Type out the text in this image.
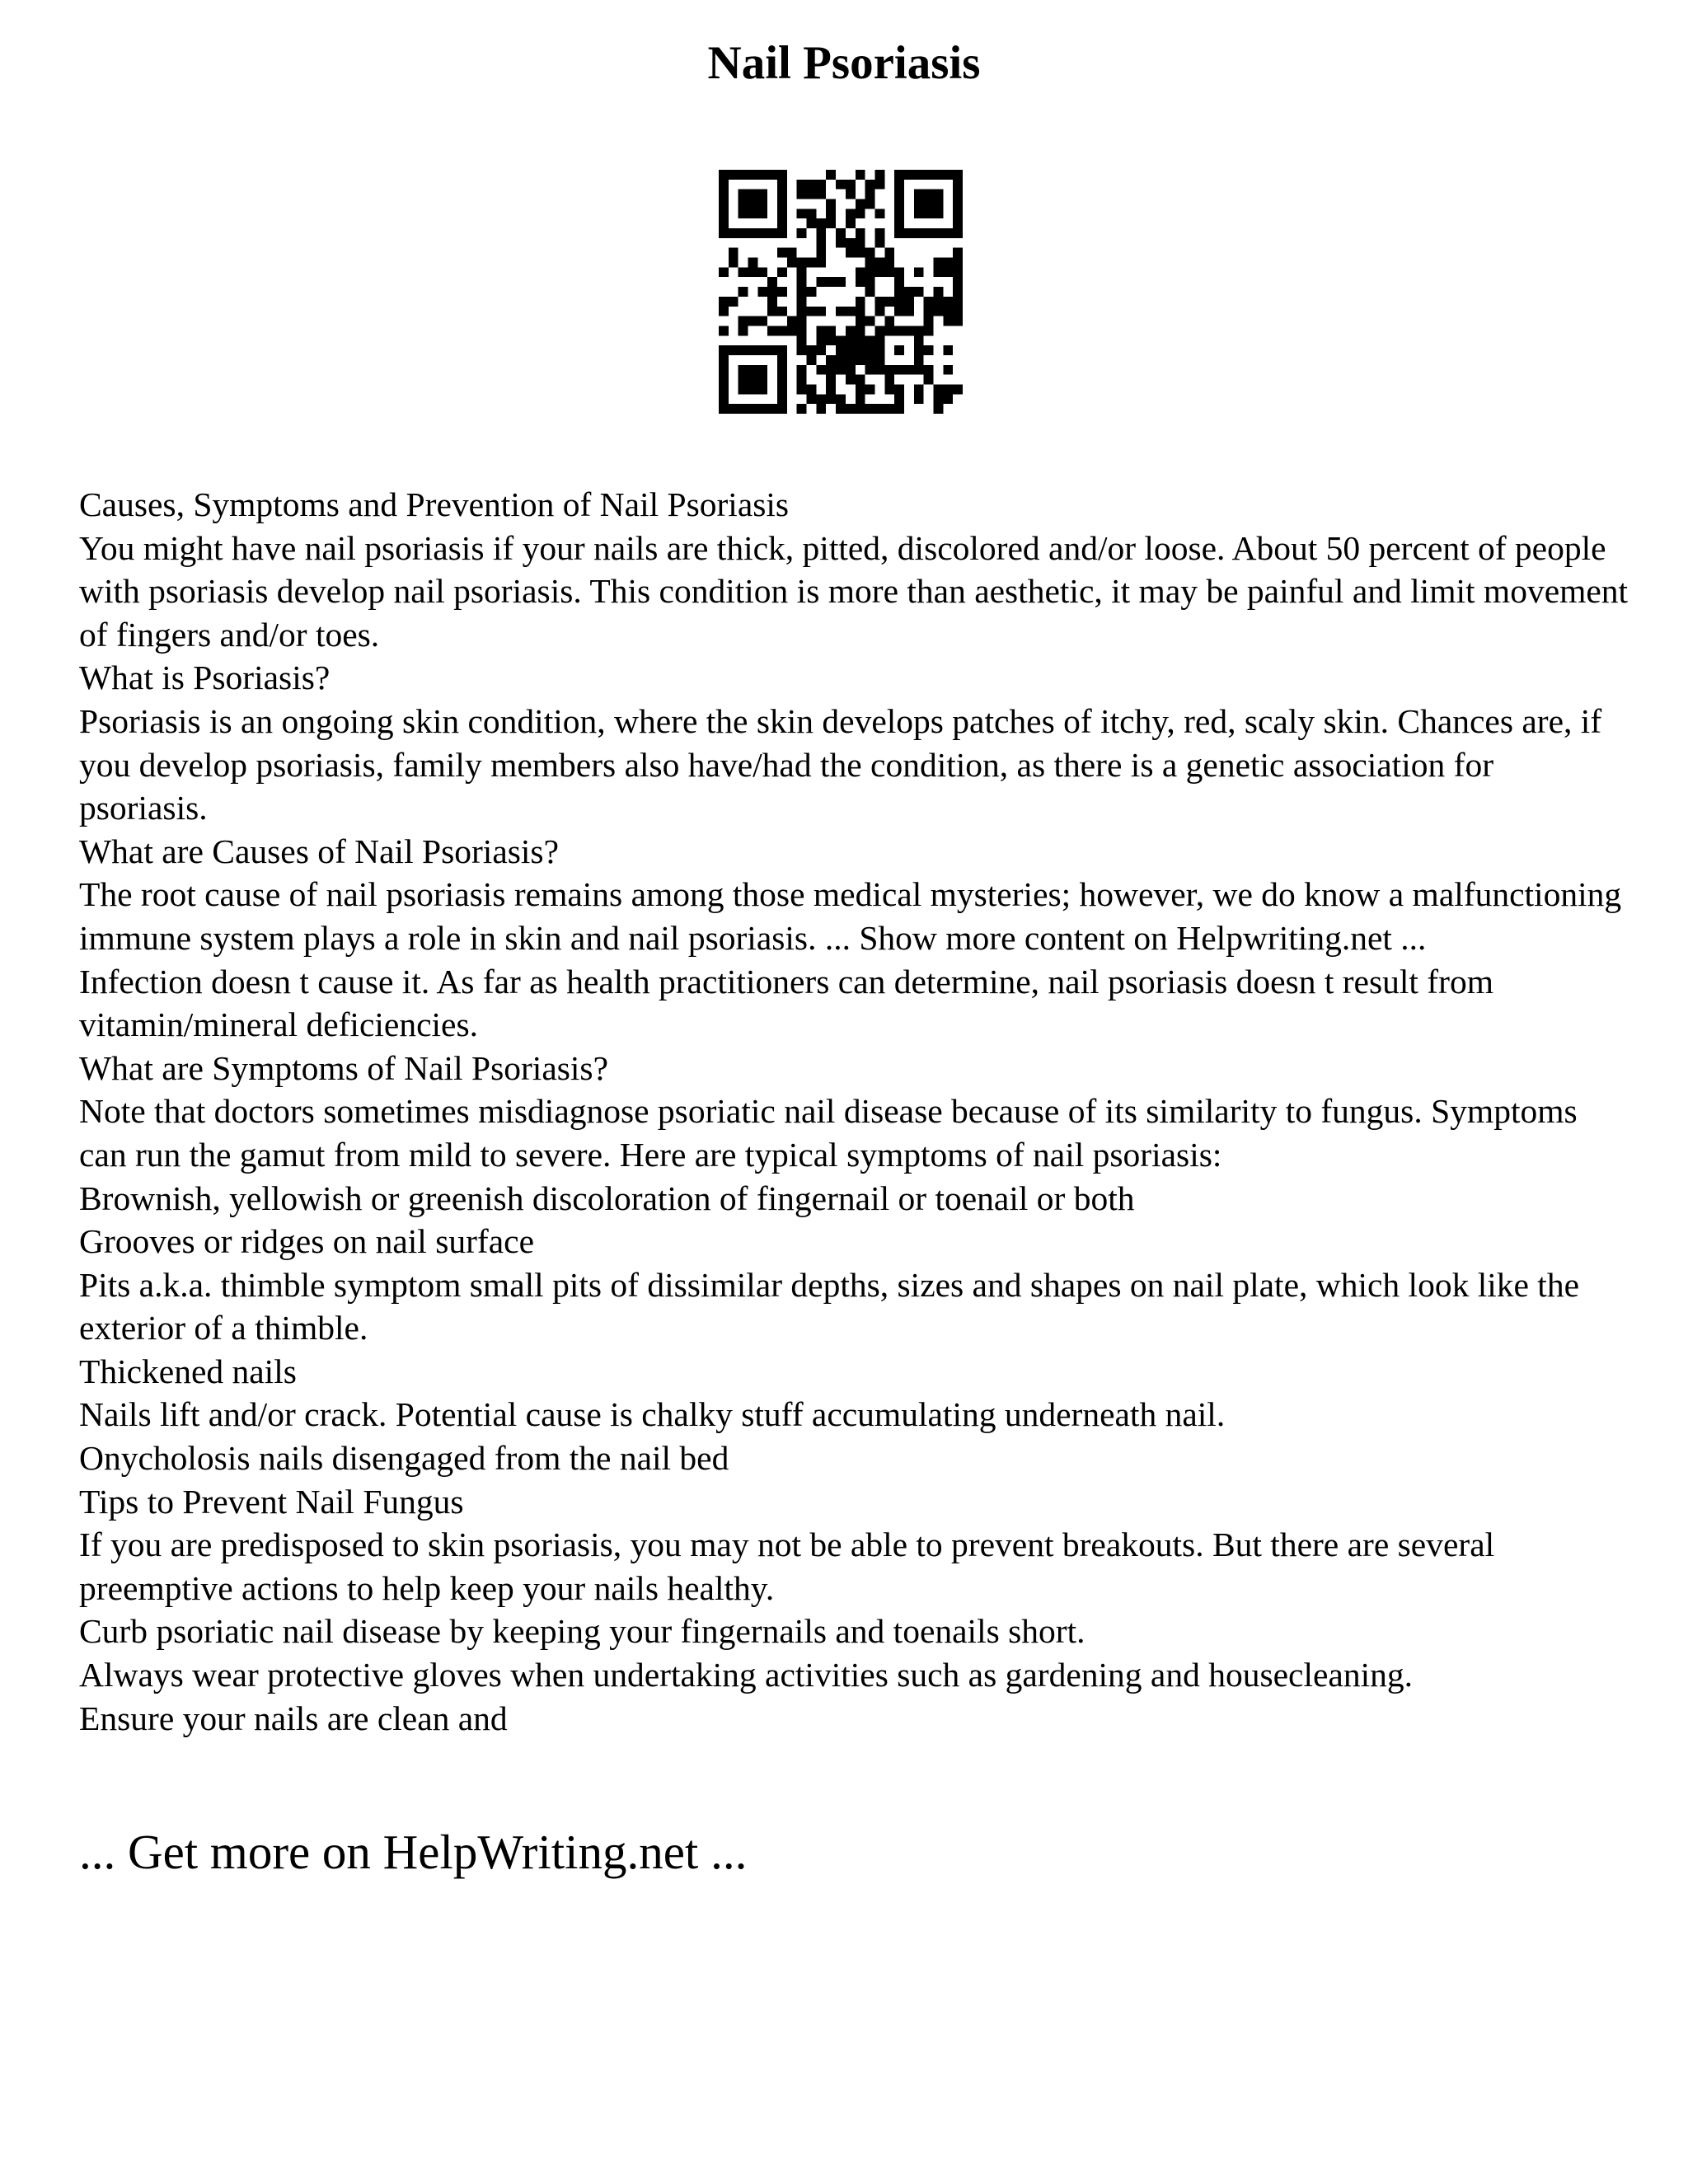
Nail Psoriasis

Causes, Symptoms and Prevention of Nail Psoriasis

You might have nail psoriasis if your nails are thick, pitted, discolored and/or loose. About 50 percent of people with psoriasis develop nail psoriasis. This condition is more than aesthetic, it may be painful and limit movement of fingers and/or toes.

What is Psoriasis?

Psoriasis is an ongoing skin condition, where the skin develops patches of itchy, red, scaly skin. Chances are, if you develop psoriasis, family members also have/had the condition, as there is a genetic association for psoriasis.

What are Causes of Nail Psoriasis?

The root cause of nail psoriasis remains among those medical mysteries; however, we do know a malfunctioning immune system plays a role in skin and nail psoriasis. ... Show more content on Helpwriting.net ...

Infection doesn t cause it. As far as health practitioners can determine, nail psoriasis doesn t result from vitamin/mineral deficiencies.

What are Symptoms of Nail Psoriasis?

Note that doctors sometimes misdiagnose psoriatic nail disease because of its similarity to fungus. Symptoms can run the gamut from mild to severe. Here are typical symptoms of nail psoriasis:

Brownish, yellowish or greenish discoloration of fingernail or toenail or both

Grooves or ridges on nail surface

Pits a.k.a. thimble symptom small pits of dissimilar depths, sizes and shapes on nail plate, which look like the exterior of a thimble.

Thickened nails

Nails lift and/or crack. Potential cause is chalky stuff accumulating underneath nail.

Onycholosis nails disengaged from the nail bed

Tips to Prevent Nail Fungus

If you are predisposed to skin psoriasis, you may not be able to prevent breakouts. But there are several preemptive actions to help keep your nails healthy.

Curb psoriatic nail disease by keeping your fingernails and toenails short.

Always wear protective gloves when undertaking activities such as gardening and housecleaning.

Ensure your nails are clean and

... Get more on HelpWriting.net ...
